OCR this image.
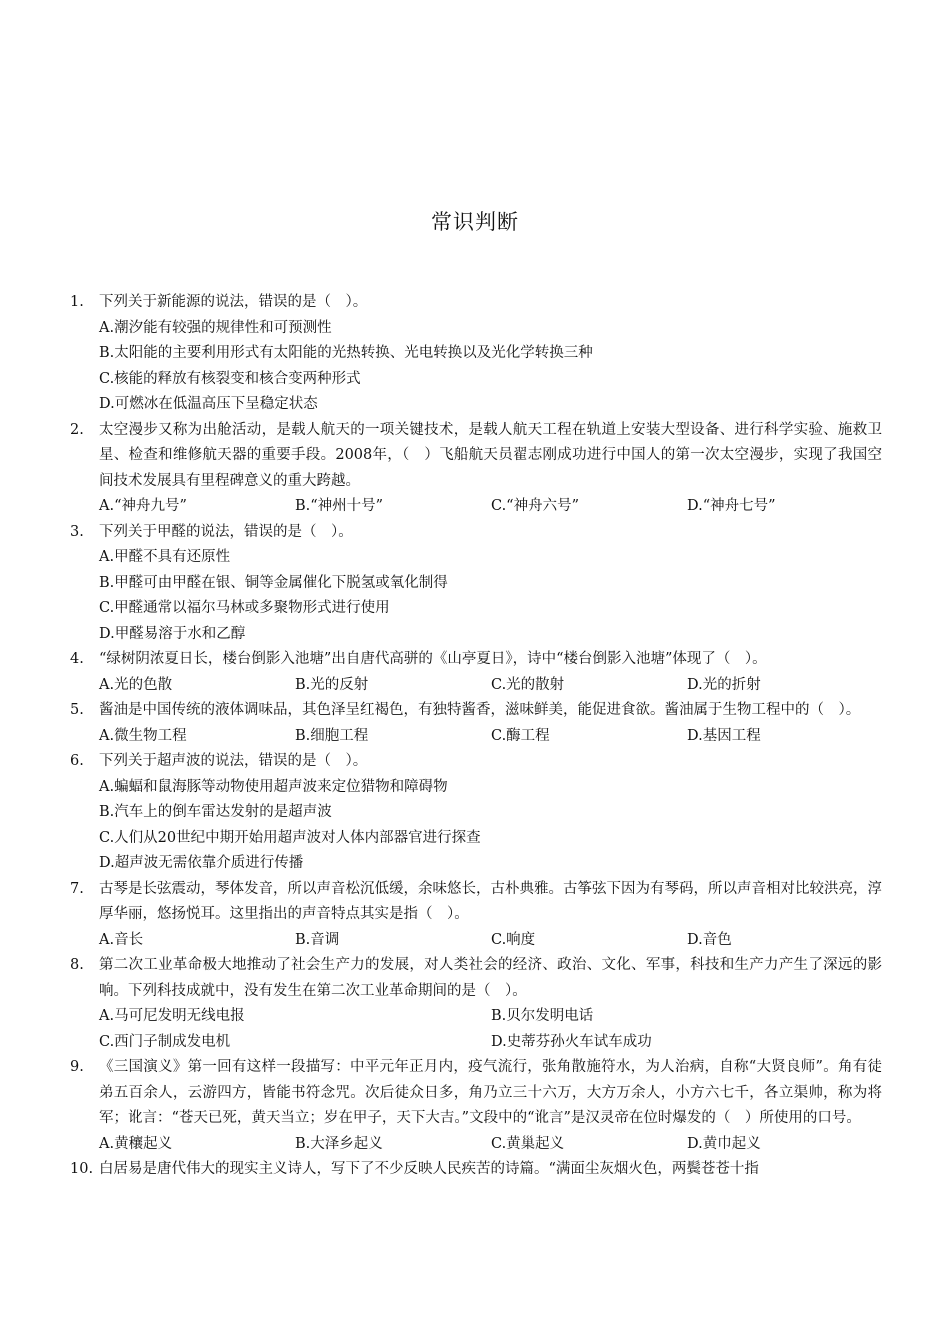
常识判断
1.	下列关于新能源的说法，错误的是（　）。
A.潮汐能有较强的规律性和可预测性
B.太阳能的主要利用形式有太阳能的光热转换、光电转换以及光化学转换三种
C.核能的释放有核裂变和核合变两种形式
D.可燃冰在低温高压下呈稳定状态
2.	太空漫步又称为出舱活动，是载人航天的一项关键技术，是载人航天工程在轨道上安装大型设备、进行科学实验、施救卫星、检查和维修航天器的重要手段。2008年，（　）飞船航天员翟志刚成功进行中国人的第一次太空漫步，实现了我国空间技术发展具有里程碑意义的重大跨越。
A.“神舟九号”	B.“神州十号”	C.“神舟六号”	D.“神舟七号”
3.	下列关于甲醛的说法，错误的是（　）。
A.甲醛不具有还原性
B.甲醛可由甲醛在银、铜等金属催化下脱氢或氧化制得
C.甲醛通常以福尔马林或多聚物形式进行使用
D.甲醛易溶于水和乙醇
4.	“绿树阴浓夏日长，楼台倒影入池塘”出自唐代高骈的《山亭夏日》，诗中“楼台倒影入池塘”体现了（　）。
A.光的色散	B.光的反射	C.光的散射	D.光的折射
5.	酱油是中国传统的液体调味品，其色泽呈红褐色，有独特酱香，滋味鲜美，能促进食欲。酱油属于生物工程中的（　）。
A.微生物工程	B.细胞工程	C.酶工程	D.基因工程
6.	下列关于超声波的说法，错误的是（　）。
A.蝙蝠和鼠海豚等动物使用超声波来定位猎物和障碍物
B.汽车上的倒车雷达发射的是超声波
C.人们从20世纪中期开始用超声波对人体内部器官进行探查
D.超声波无需依靠介质进行传播
7.	古琴是长弦震动，琴体发音，所以声音松沉低缓，余味悠长，古朴典雅。古筝弦下因为有琴码，所以声音相对比较洪亮，淳厚华丽，悠扬悦耳。这里指出的声音特点其实是指（　）。
A.音长	B.音调	C.响度	D.音色
8.	第二次工业革命极大地推动了社会生产力的发展，对人类社会的经济、政治、文化、军事，科技和生产力产生了深远的影响。下列科技成就中，没有发生在第二次工业革命期间的是（　）。
A.马可尼发明无线电报	B.贝尔发明电话
C.西门子制成发电机	D.史蒂芬孙火车试车成功
9.	《三国演义》第一回有这样一段描写：中平元年正月内，疫气流行，张角散施符水，为人治病，自称“大贤良师”。角有徒弟五百余人，云游四方，皆能书符念咒。次后徒众日多，角乃立三十六万，大方万余人，小方六七千，各立渠帅，称为将军；讹言：“苍天已死，黄天当立；岁在甲子，天下大吉。”文段中的“讹言”是汉灵帝在位时爆发的（　）所使用的口号。
A.黄穰起义	B.大泽乡起义	C.黄巢起义	D.黄巾起义
10. 白居易是唐代伟大的现实主义诗人，写下了不少反映人民疾苦的诗篇。“满面尘灰烟火色，两鬓苍苍十指
